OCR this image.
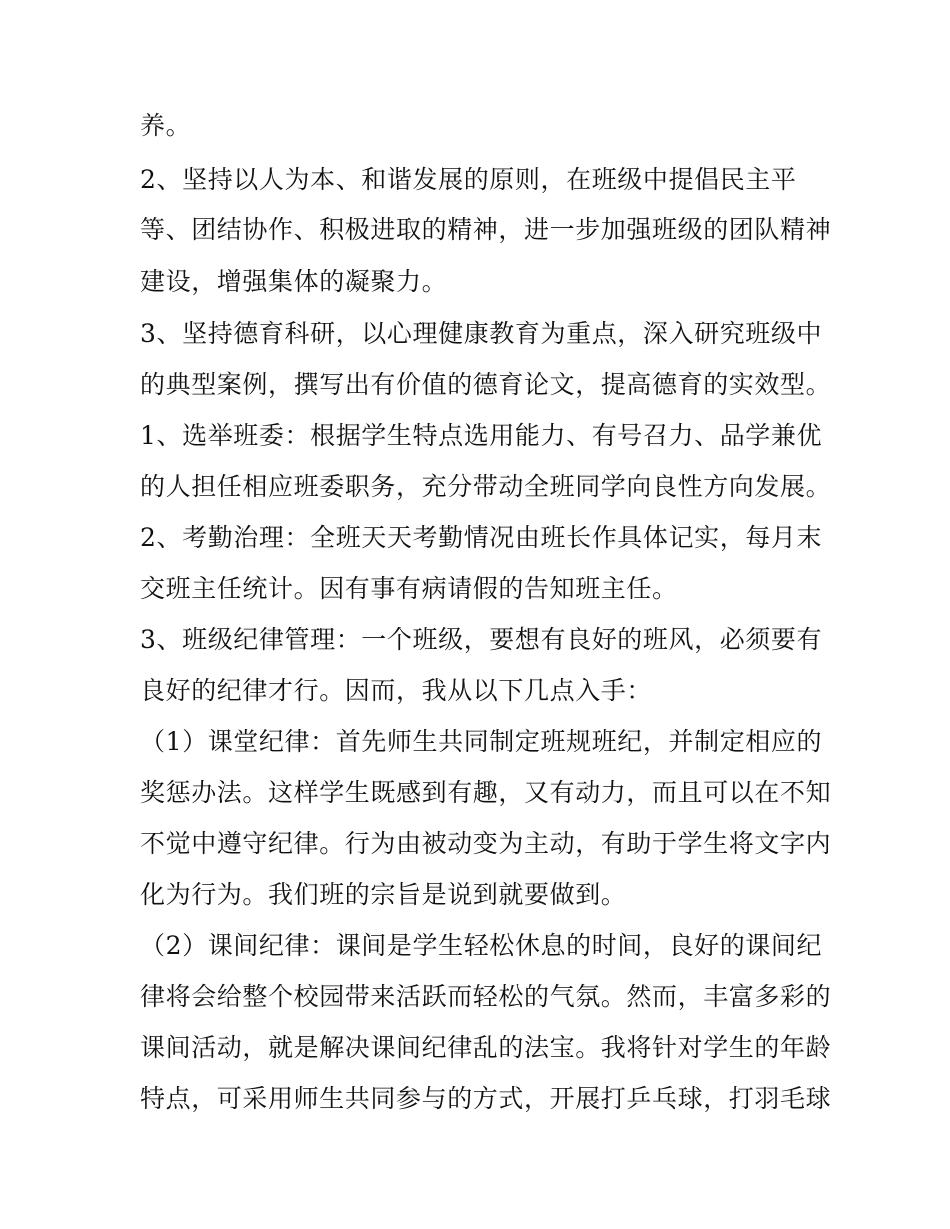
养。
2、坚持以人为本、和谐发展的原则，在班级中提倡民主平
等、团结协作、积极进取的精神，进一步加强班级的团队精神
建设，增强集体的凝聚力。
3、坚持德育科研，以心理健康教育为重点，深入研究班级中
的典型案例，撰写出有价值的德育论文，提高德育的实效型。
1、选举班委：根据学生特点选用能力、有号召力、品学兼优
的人担任相应班委职务，充分带动全班同学向良性方向发展。
2、考勤治理：全班天天考勤情况由班长作具体记实，每月末
交班主任统计。因有事有病请假的告知班主任。
3、班级纪律管理：一个班级，要想有良好的班风，必须要有
良好的纪律才行。因而，我从以下几点入手：
（1）课堂纪律：首先师生共同制定班规班纪，并制定相应的
奖惩办法。这样学生既感到有趣，又有动力，而且可以在不知
不觉中遵守纪律。行为由被动变为主动，有助于学生将文字内
化为行为。我们班的宗旨是说到就要做到。
（2）课间纪律：课间是学生轻松休息的时间，良好的课间纪
律将会给整个校园带来活跃而轻松的气氛。然而，丰富多彩的
课间活动，就是解决课间纪律乱的法宝。我将针对学生的年龄
特点，可采用师生共同参与的方式，开展打乒乓球，打羽毛球
